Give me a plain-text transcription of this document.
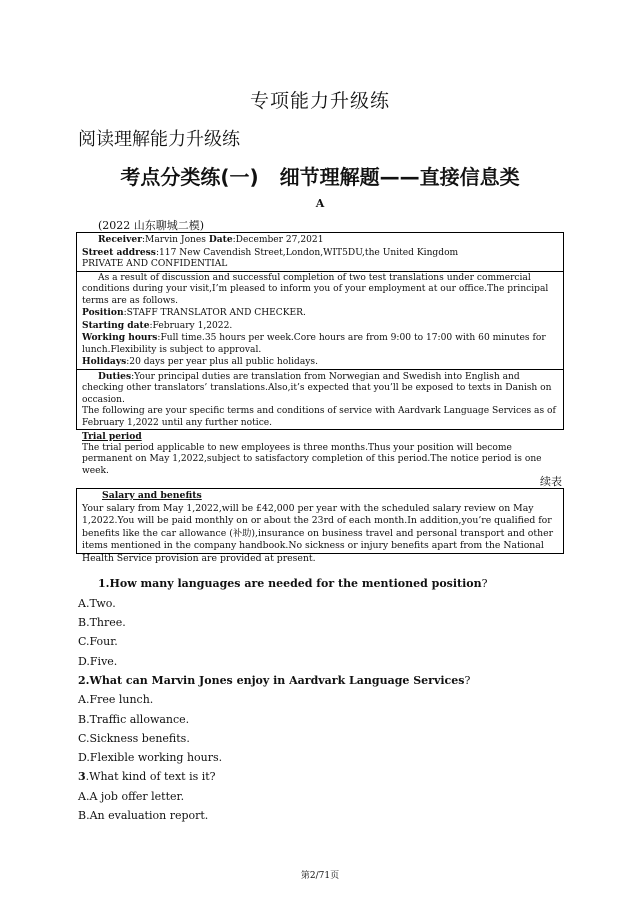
专项能力升级练
阅读理解能力升级练
考点分类练(一) 细节理解题——直接信息类
A
(2022 山东聊城二模)
Receiver:Marvin Jones Date:December 27,2021
Street address:117 New Cavendish Street,London,WIT5DU,the United Kingdom
PRIVATE AND CONFIDENTIAL
As a result of discussion and successful completion of two test translations under commercial conditions during your visit,I’m pleased to inform you of your employment at our office.The principal terms are as follows.
Position:STAFF TRANSLATOR AND CHECKER.
Starting date:February 1,2022.
Working hours:Full time.35 hours per week.Core hours are from 9:00 to 17:00 with 60 minutes for lunch.Flexibility is subject to approval.
Holidays:20 days per year plus all public holidays.
Duties:Your principal duties are translation from Norwegian and Swedish into English and checking other translators’ translations.Also,it’s expected that you’ll be exposed to texts in Danish on occasion.
The following are your specific terms and conditions of service with Aardvark Language Services as of February 1,2022 until any further notice.
Trial period
The trial period applicable to new employees is three months.Thus your position will become permanent on May 1,2022,subject to satisfactory completion of this period.The notice period is one week.
续表
Salary and benefits
Your salary from May 1,2022,will be £42,000 per year with the scheduled salary review on May 1,2022.You will be paid monthly on or about the 23rd of each month.In addition,you’re qualified for benefits like the car allowance (补助),insurance on business travel and personal transport and other items mentioned in the company handbook.No sickness or injury benefits apart from the National Health Service provision are provided at present.
1.How many languages are needed for the mentioned position?
A.Two.
B.Three.
C.Four.
D.Five.
2.What can Marvin Jones enjoy in Aardvark Language Services?
A.Free lunch.
B.Traffic allowance.
C.Sickness benefits.
D.Flexible working hours.
3.What kind of text is it?
A.A job offer letter.
B.An evaluation report.
第2/71页
